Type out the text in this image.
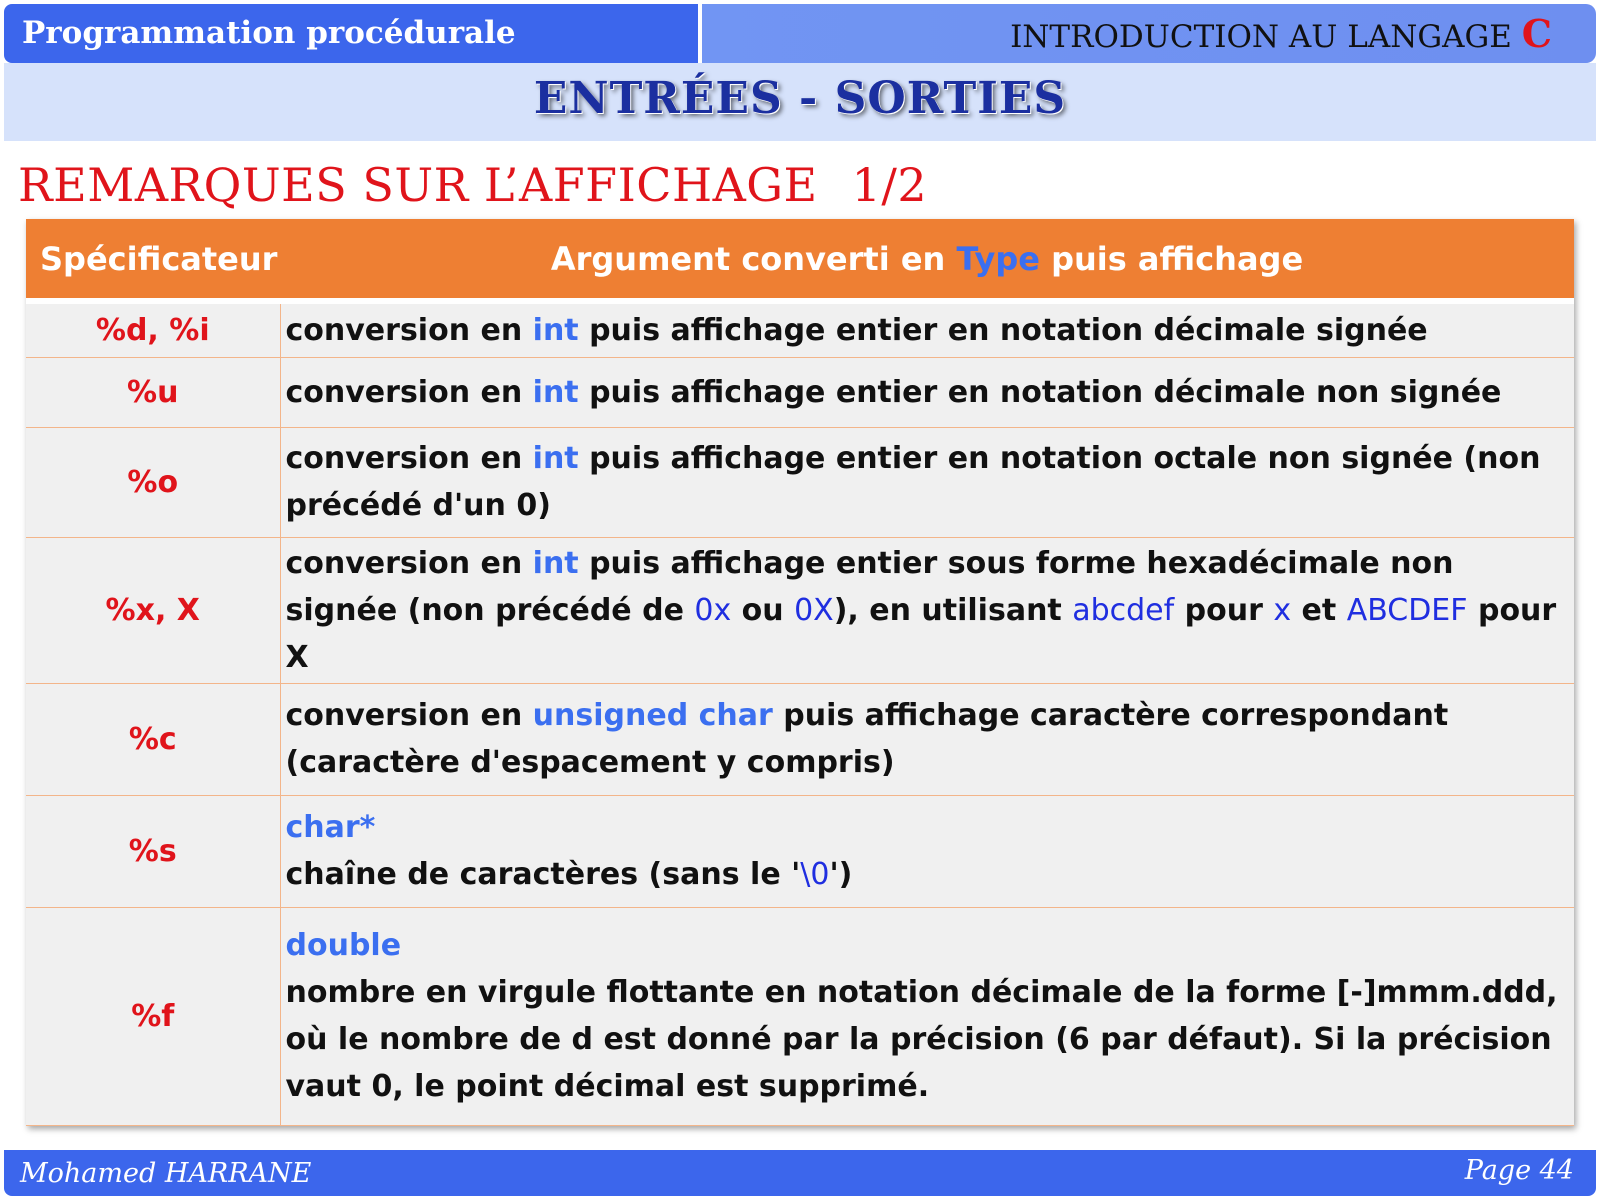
Programmation procédurale	INTRODUCTION AU LANGAGE C
ENTRÉES - SORTIES
REMARQUES SUR L’AFFICHAGE 1/2
Spécificateur	Argument converti en Type puis affichage
%d, %i	conversion en int puis affichage entier en notation décimale signée
%u	conversion en int puis affichage entier en notation décimale non signée
%o	conversion en int puis affichage entier en notation octale non signée (non précédé d'un 0)
%x, X	conversion en int puis affichage entier sous forme hexadécimale non signée (non précédé de 0x ou 0X), en utilisant abcdef pour x et ABCDEF pour X
%c	conversion en unsigned char puis affichage caractère correspondant (caractère d'espacement y compris)
%s	char*
chaîne de caractères (sans le '\0')

%f	double
nombre en virgule flottante en notation décimale de la forme [-]mmm.ddd, où le nombre de d est donné par la précision (6 par défaut). Si la précision vaut 0, le point décimal est supprimé.
Mohamed HARRANE	Page 44
